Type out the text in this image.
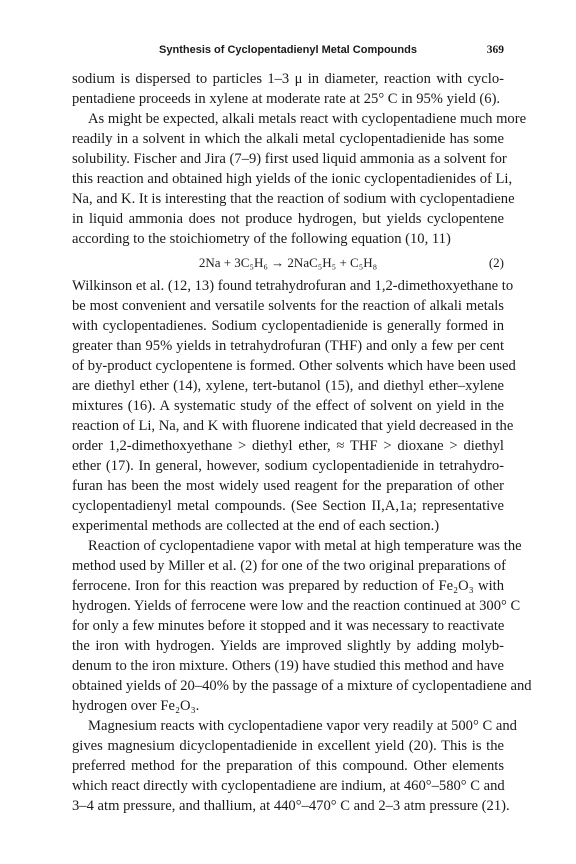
Synthesis of Cyclopentadienyl Metal Compounds	369
sodium is dispersed to particles 1–3 μ in diameter, reaction with cyclo-
pentadiene proceeds in xylene at moderate rate at 25° C in 95% yield (6).
As might be expected, alkali metals react with cyclopentadiene much more
readily in a solvent in which the alkali metal cyclopentadienide has some
solubility. Fischer and Jira (7–9) first used liquid ammonia as a solvent for
this reaction and obtained high yields of the ionic cyclopentadienides of Li,
Na, and K. It is interesting that the reaction of sodium with cyclopentadiene
in liquid ammonia does not produce hydrogen, but yields cyclopentene
according to the stoichiometry of the following equation (10, 11)
2Na + 3C₅H₆ → 2NaC₅H₅ + C₅H₈	(2)
Wilkinson et al. (12, 13) found tetrahydrofuran and 1,2-dimethoxyethane to
be most convenient and versatile solvents for the reaction of alkali metals
with cyclopentadienes. Sodium cyclopentadienide is generally formed in
greater than 95% yields in tetrahydrofuran (THF) and only a few per cent
of by-product cyclopentene is formed. Other solvents which have been used
are diethyl ether (14), xylene, tert-butanol (15), and diethyl ether–xylene
mixtures (16). A systematic study of the effect of solvent on yield in the
reaction of Li, Na, and K with fluorene indicated that yield decreased in the
order 1,2-dimethoxyethane > diethyl ether, ≈ THF > dioxane > diethyl
ether (17). In general, however, sodium cyclopentadienide in tetrahydro-
furan has been the most widely used reagent for the preparation of other
cyclopentadienyl metal compounds. (See Section II,A,1a; representative
experimental methods are collected at the end of each section.)
Reaction of cyclopentadiene vapor with metal at high temperature was the
method used by Miller et al. (2) for one of the two original preparations of
ferrocene. Iron for this reaction was prepared by reduction of Fe₂O₃ with
hydrogen. Yields of ferrocene were low and the reaction continued at 300° C
for only a few minutes before it stopped and it was necessary to reactivate
the iron with hydrogen. Yields are improved slightly by adding molyb-
denum to the iron mixture. Others (19) have studied this method and have
obtained yields of 20–40% by the passage of a mixture of cyclopentadiene and
hydrogen over Fe₂O₃.
Magnesium reacts with cyclopentadiene vapor very readily at 500° C and
gives magnesium dicyclopentadienide in excellent yield (20). This is the
preferred method for the preparation of this compound. Other elements
which react directly with cyclopentadiene are indium, at 460°–580° C and
3–4 atm pressure, and thallium, at 440°–470° C and 2–3 atm pressure (21).
